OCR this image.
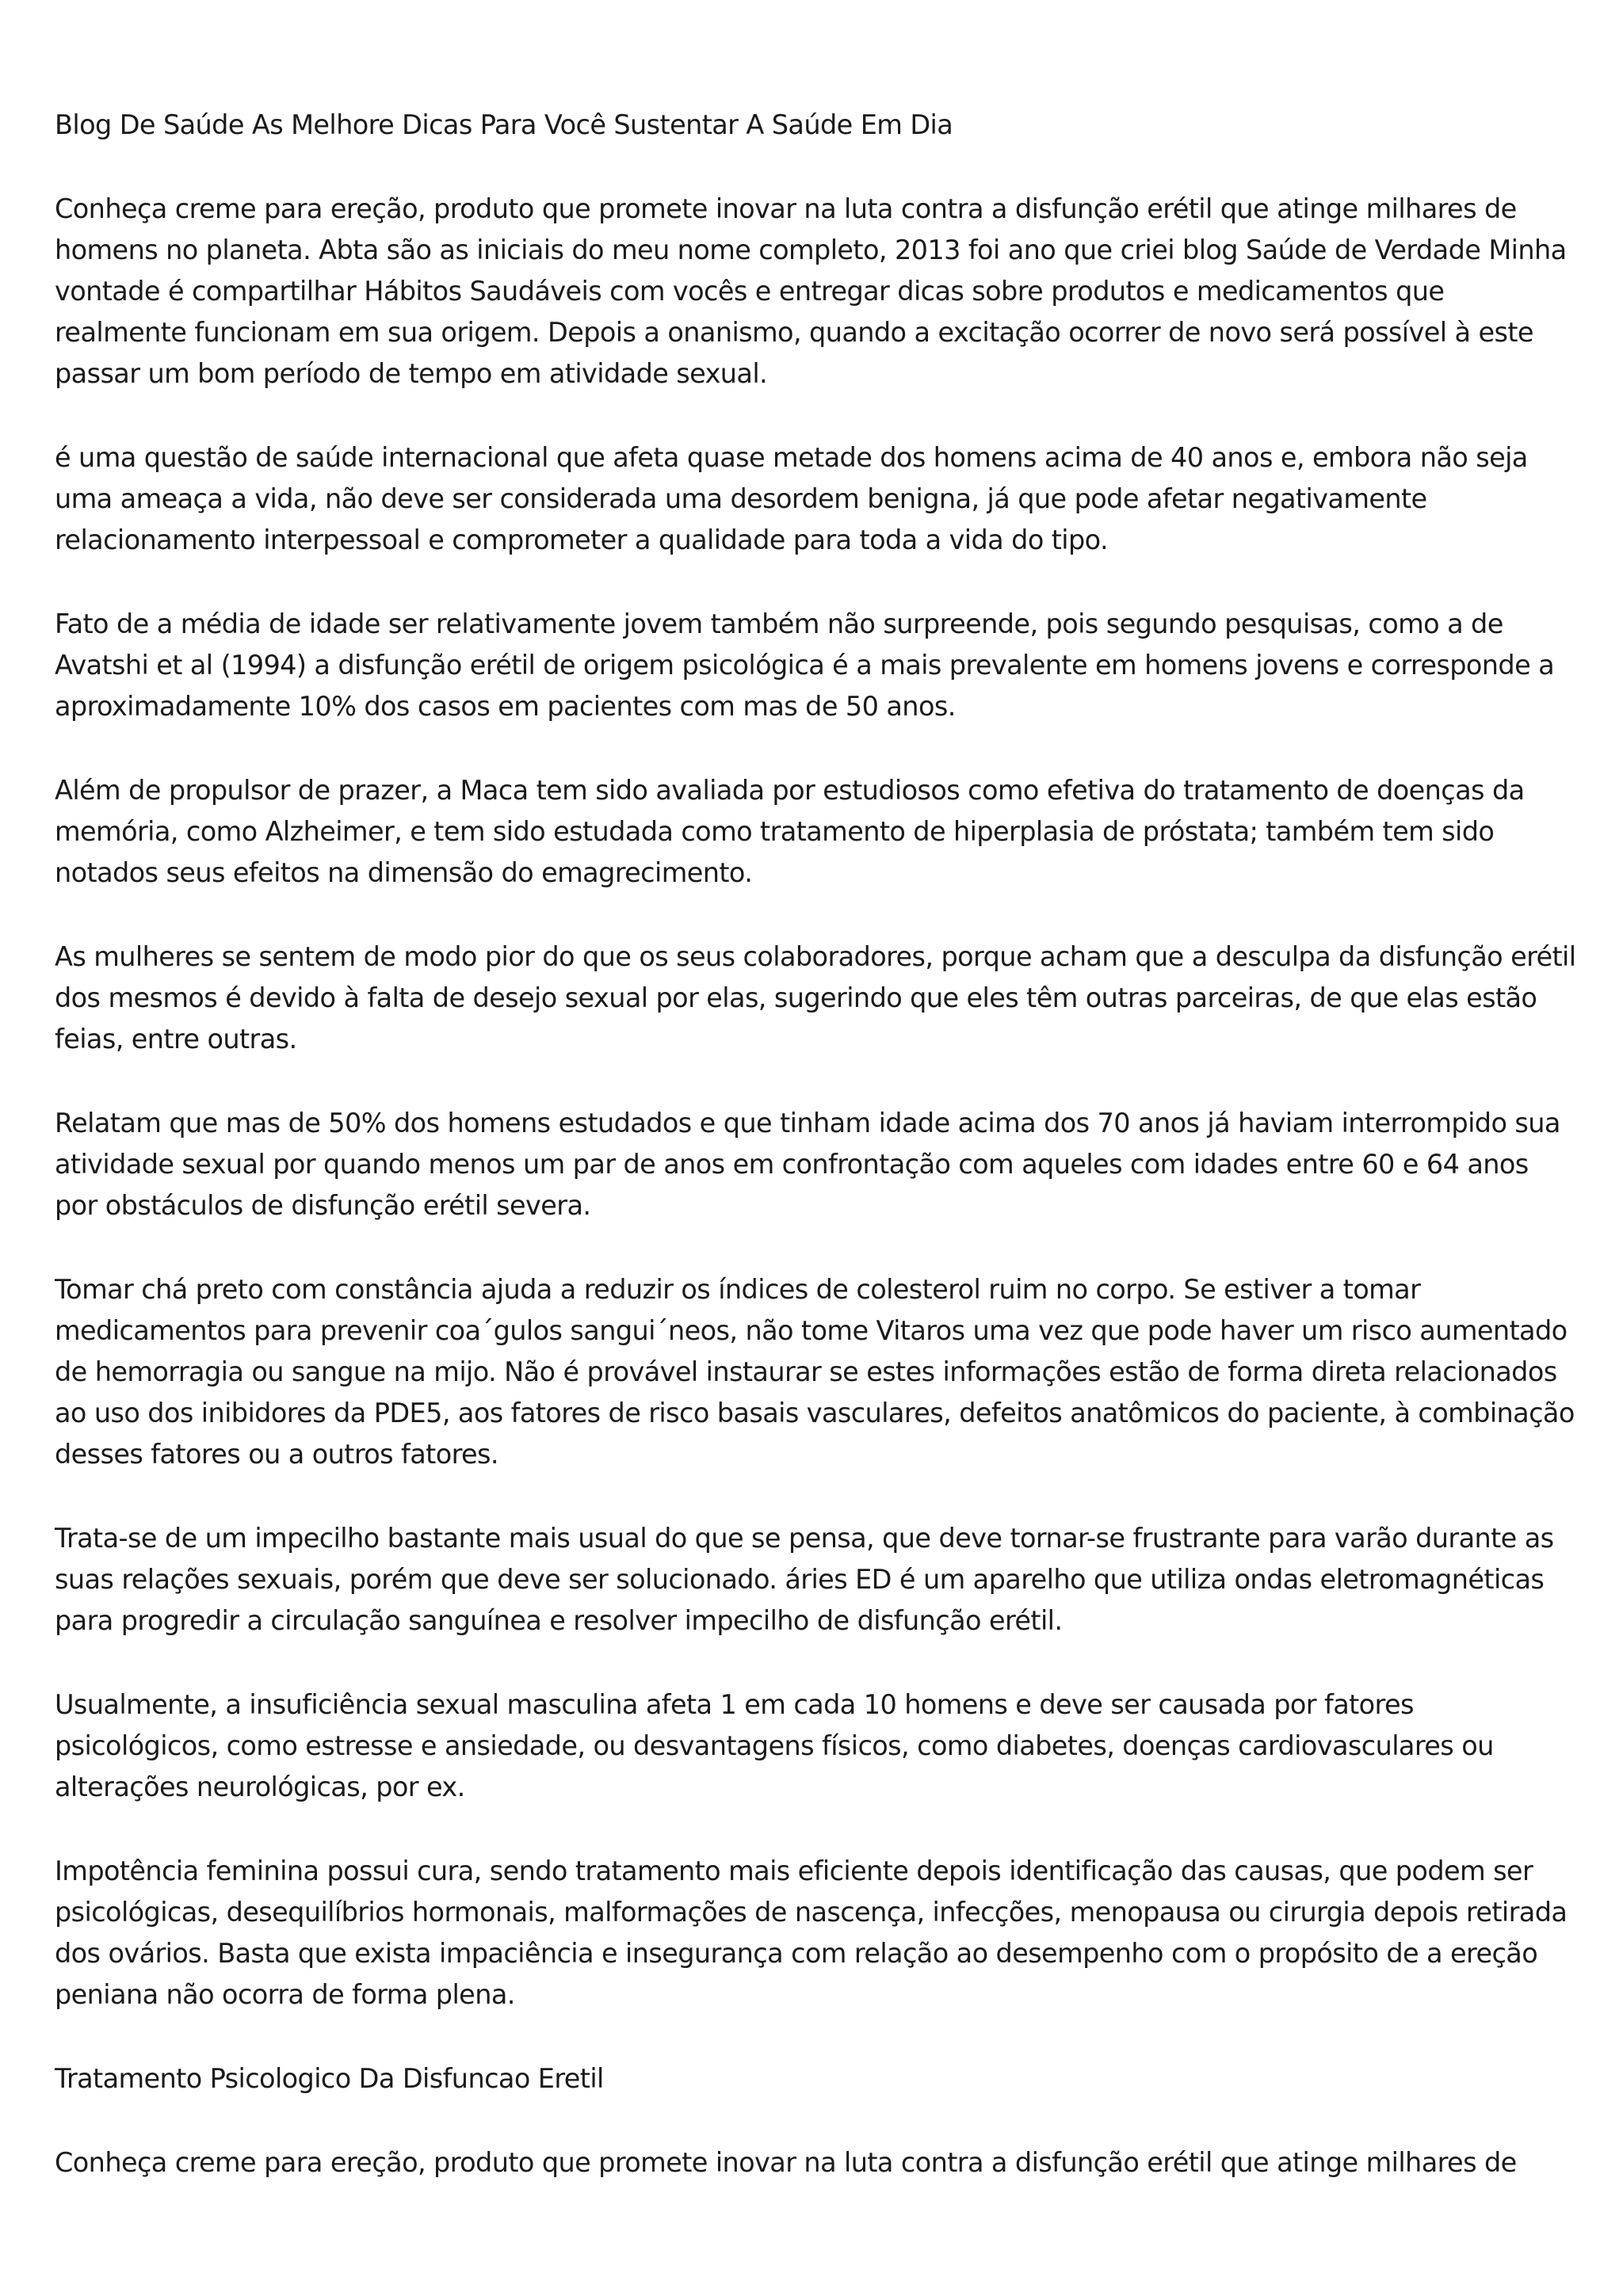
Blog De Saúde As Melhore Dicas Para Você Sustentar A Saúde Em Dia

Conheça creme para ereção, produto que promete inovar na luta contra a disfunção erétil que atinge milhares de homens no planeta. Abta são as iniciais do meu nome completo, 2013 foi ano que criei blog Saúde de Verdade Minha vontade é compartilhar Hábitos Saudáveis com vocês e entregar dicas sobre produtos e medicamentos que realmente funcionam em sua origem. Depois a onanismo, quando a excitação ocorrer de novo será possível à este passar um bom período de tempo em atividade sexual.

é uma questão de saúde internacional que afeta quase metade dos homens acima de 40 anos e, embora não seja uma ameaça a vida, não deve ser considerada uma desordem benigna, já que pode afetar negativamente relacionamento interpessoal e comprometer a qualidade para toda a vida do tipo.

Fato de a média de idade ser relativamente jovem também não surpreende, pois segundo pesquisas, como a de Avatshi et al (1994) a disfunção erétil de origem psicológica é a mais prevalente em homens jovens e corresponde a aproximadamente 10% dos casos em pacientes com mas de 50 anos.

Além de propulsor de prazer, a Maca tem sido avaliada por estudiosos como efetiva do tratamento de doenças da memória, como Alzheimer, e tem sido estudada como tratamento de hiperplasia de próstata; também tem sido notados seus efeitos na dimensão do emagrecimento.

As mulheres se sentem de modo pior do que os seus colaboradores, porque acham que a desculpa da disfunção erétil dos mesmos é devido à falta de desejo sexual por elas, sugerindo que eles têm outras parceiras, de que elas estão feias, entre outras.

Relatam que mas de 50% dos homens estudados e que tinham idade acima dos 70 anos já haviam interrompido sua atividade sexual por quando menos um par de anos em confrontação com aqueles com idades entre 60 e 64 anos por obstáculos de disfunção erétil severa.

Tomar chá preto com constância ajuda a reduzir os índices de colesterol ruim no corpo. Se estiver a tomar medicamentos para prevenir coa´gulos sangui´neos, não tome Vitaros uma vez que pode haver um risco aumentado de hemorragia ou sangue na mijo. Não é provável instaurar se estes informações estão de forma direta relacionados ao uso dos inibidores da PDE5, aos fatores de risco basais vasculares, defeitos anatômicos do paciente, à combinação desses fatores ou a outros fatores.

Trata-se de um impecilho bastante mais usual do que se pensa, que deve tornar-se frustrante para varão durante as suas relações sexuais, porém que deve ser solucionado. áries ED é um aparelho que utiliza ondas eletromagnéticas para progredir a circulação sanguínea e resolver impecilho de disfunção erétil.

Usualmente, a insuficiência sexual masculina afeta 1 em cada 10 homens e deve ser causada por fatores psicológicos, como estresse e ansiedade, ou desvantagens físicos, como diabetes, doenças cardiovasculares ou alterações neurológicas, por ex.

Impotência feminina possui cura, sendo tratamento mais eficiente depois identificação das causas, que podem ser psicológicas, desequilíbrios hormonais, malformações de nascença, infecções, menopausa ou cirurgia depois retirada dos ovários. Basta que exista impaciência e insegurança com relação ao desempenho com o propósito de a ereção peniana não ocorra de forma plena.

Tratamento Psicologico Da Disfuncao Eretil

Conheça creme para ereção, produto que promete inovar na luta contra a disfunção erétil que atinge milhares de
